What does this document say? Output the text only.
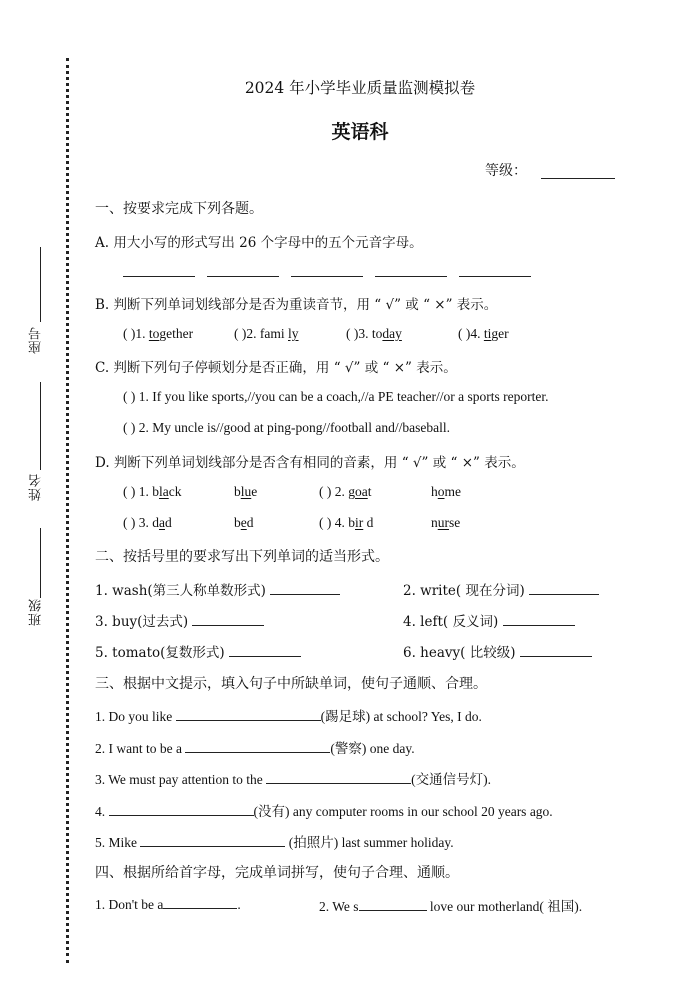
座号
姓名
班级
2024 年小学毕业质量监测模拟卷
英语科
等级：
一、按要求完成下列各题。
A. 用大小写的形式写出 26 个字母中的五个元音字母。
B. 判断下列单词划线部分是否为重读音节，用 “ √” 或 “ ×” 表示。
( )1. together	( )2. fami ly	( )3. today	( )4. tiger
C. 判断下列句子停顿划分是否正确，用 “ √” 或 “ ×” 表示。
( ) 1. If you like sports,//you can be a coach,//a PE teacher//or a sports reporter.
( ) 2. My uncle is//good at ping-pong//football and//baseball.
D. 判断下列单词划线部分是否含有相同的音素，用 “ √” 或 “ ×” 表示。
( ) 1. black	blue	( ) 2. goat	home
( ) 3. dad	bed	( ) 4. bir d	nurse
二、按括号里的要求写出下列单词的适当形式。
1. wash(第三人称单数形式)	2. write( 现在分词)
3. buy(过去式)	4. left( 反义词)
5. tomato(复数形式)	6. heavy( 比较级)
三、根据中文提示，填入句子中所缺单词，使句子通顺、合理。
1. Do you like	(踢足球) at school? Yes, I do.
2. I want to be a	(警察) one day.
3. We must pay attention to the	(交通信号灯).
4.	(没有) any computer rooms in our school 20 years ago.
5. Mike	(拍照片) last summer holiday.
四、根据所给首字母，完成单词拼写，使句子合理、通顺。
1. Don't be a	.	2. We s	love our motherland( 祖国).
